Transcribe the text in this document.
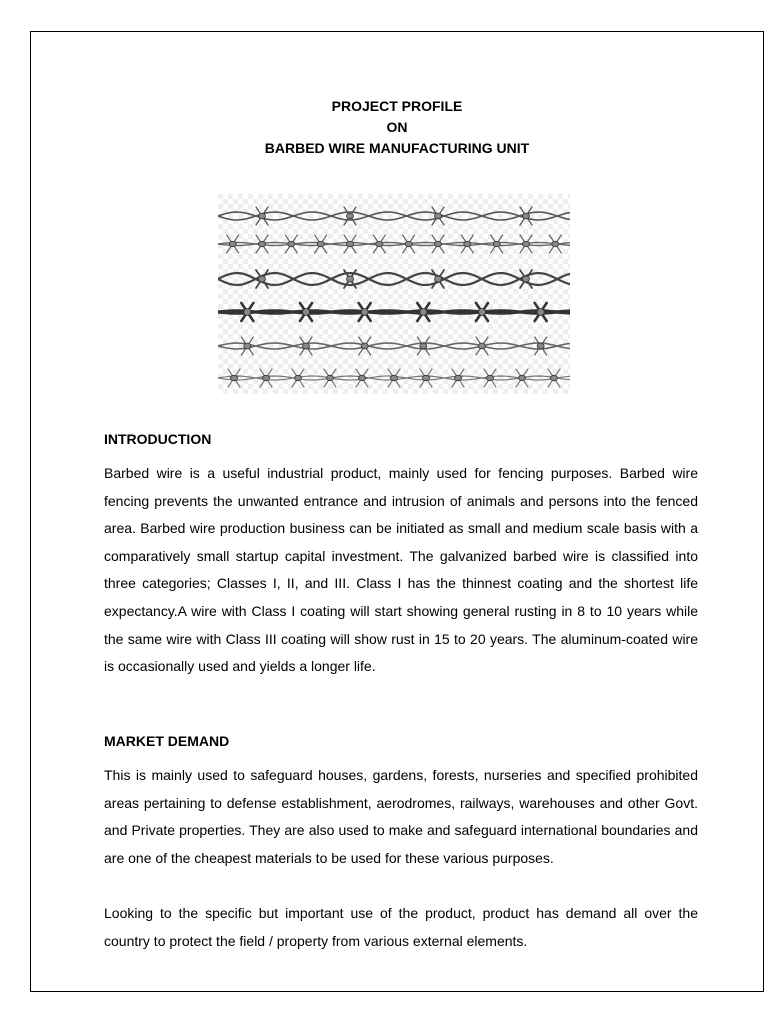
PROJECT PROFILE
ON
BARBED WIRE MANUFACTURING UNIT
INTRODUCTION

Barbed wire is a useful industrial product, mainly used for fencing purposes. Barbed wire fencing prevents the unwanted entrance and intrusion of animals and persons into the fenced area. Barbed wire production business can be initiated as small and medium scale basis with a comparatively small startup capital investment. The galvanized barbed wire is classified into three categories; Classes I, II, and III. Class I has the thinnest coating and the shortest life expectancy.A wire with Class I coating will start showing general rusting in 8 to 10 years while the same wire with Class III coating will show rust in 15 to 20 years. The aluminum-coated wire is occasionally used and yields a longer life.

MARKET DEMAND

This is mainly used to safeguard houses, gardens, forests, nurseries and specified prohibited areas pertaining to defense establishment, aerodromes, railways, warehouses and other Govt. and Private properties. They are also used to make and safeguard international boundaries and are one of the cheapest materials to be used for these various purposes.

Looking to the specific but important use of the product, product has demand all over the country to protect the field / property from various external elements.
